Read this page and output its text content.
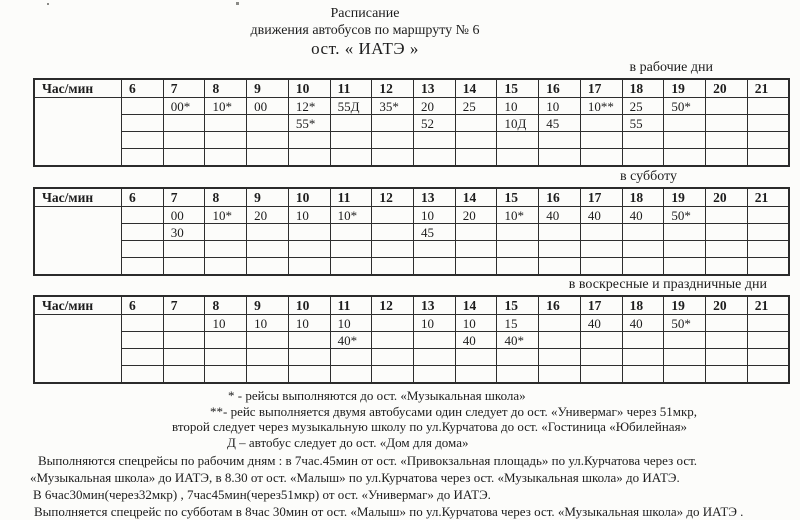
Расписание
движения автобусов по маршруту № 6
ост. « ИАТЭ »
в рабочие дни
Час/мин	6	7	8	9	10	11	12	13	14	15	16	17	18	19	20	21
		00*	10*	00	12*	55Д	35*	20	25	10	10	10**	25	50*		
					55*			52		10Д	45		55			

в субботу
Час/мин	6	7	8	9	10	11	12	13	14	15	16	17	18	19	20	21
		00	10*	20	10	10*		10	20	10*	40	40	40	50*		
		30						45								

в воскресные и праздничные дни
Час/мин	6	7	8	9	10	11	12	13	14	15	16	17	18	19	20	21
			10	10	10	10		10	10	15		40	40	50*		
						40*			40	40*						

* - рейсы выполняются до ост. «Музыкальная школа»
**- рейс выполняется двумя автобусами один следует до ост. «Универмаг» через 51мкр,
второй следует через музыкальную школу по ул.Курчатова до ост. «Гостиница «Юбилейная»
Д – автобус следует до ост. «Дом для дома»
Выполняются спецрейсы по рабочим дням : в 7час.45мин от ост. «Привокзальная площадь» по ул.Курчатова через ост.
«Музыкальная школа» до ИАТЭ, в 8.30 от ост. «Малыш» по ул.Курчатова через ост. «Музыкальная школа» до ИАТЭ.
В 6час30мин(через32мкр) , 7час45мин(через51мкр) от ост. «Универмаг» до ИАТЭ.
Выполняется спецрейс по субботам в 8час 30мин от ост. «Малыш» по ул.Курчатова через ост. «Музыкальная школа» до ИАТЭ .
